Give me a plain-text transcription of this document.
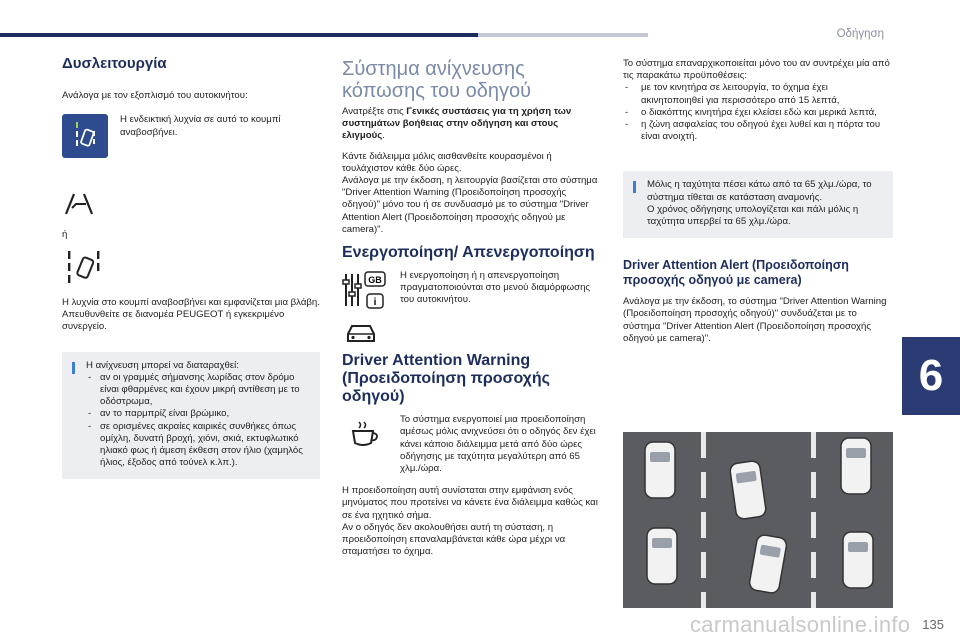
Οδήγηση
6
135
carmanualsonline.info
Δυσλειτουργία

Ανάλογα με τον εξοπλισμό του αυτοκινήτου:

Η ενδεικτική λυχνία σε αυτό το κουμπί αναβοσβήνει.

ή

Η λυχνία στο κουμπί αναβοσβήνει και εμφανίζεται μια βλάβη.

Απευθυνθείτε σε διανομέα PEUGEOT ή εγκεκριμένο συνεργείο.

Η ανίχνευση μπορεί να διαταραχθεί:
- αν οι γραμμές σήμανσης λωρίδας στον δρόμο είναι φθαρμένες και έχουν μικρή αντίθεση με το οδόστρωμα,
- αν το παρμπρίζ είναι βρώμικο,
- σε ορισμένες ακραίες καιρικές συνθήκες όπως ομίχλη, δυνατή βροχή, χιόνι, σκιά, εκτυφλωτικό ηλιακό φως ή άμεση έκθεση στον ήλιο (χαμηλός ήλιος, έξοδος από τούνελ κ.λπ.).
Σύστημα ανίχνευσης κόπωσης του οδηγού

Ανατρέξτε στις Γενικές συστάσεις για τη χρήση των συστημάτων βοήθειας στην οδήγηση και στους ελιγμούς.

Κάντε διάλειμμα μόλις αισθανθείτε κουρασμένοι ή τουλάχιστον κάθε δύο ώρες.

Ανάλογα με την έκδοση, η λειτουργία βασίζεται στο σύστημα "Driver Attention Warning (Προειδοποίηση προσοχής οδηγού)" μόνο του ή σε συνδυασμό με το σύστημα "Driver Attention Alert (Προειδοποίηση προσοχής οδηγού με camera)".

Ενεργοποίηση/ Απενεργοποίηση
GB
i
Η ενεργοποίηση ή η απενεργοποίηση πραγματοποιούνται στο μενού διαμόρφωσης του αυτοκινήτου.
Driver Attention Warning (Προειδοποίηση προσοχής οδηγού)
Το σύστημα ενεργοποιεί μια προειδοποίηση αμέσως μόλις ανιχνεύσει ότι ο οδηγός δεν έχει κάνει κάποιο διάλειμμα μετά από δύο ώρες οδήγησης με ταχύτητα μεγαλύτερη από 65 χλμ./ώρα.

Η προειδοποίηση αυτή συνίσταται στην εμφάνιση ενός μηνύματος που προτείνει να κάνετε ένα διάλειμμα καθώς και σε ένα ηχητικό σήμα.

Αν ο οδηγός δεν ακολουθήσει αυτή τη σύσταση, η προειδοποίηση επαναλαμβάνεται κάθε ώρα μέχρι να σταματήσει το όχημα.

Το σύστημα επαναρχικοποιείται μόνο του αν συντρέχει μία από τις παρακάτω προϋποθέσεις:

- με τον κινητήρα σε λειτουργία, το όχημα έχει ακινητοποιηθεί για περισσότερο από 15 λεπτά,
- ο διακόπτης κινητήρα έχει κλείσει εδώ και μερικά λεπτά,
- η ζώνη ασφαλείας του οδηγού έχει λυθεί και η πόρτα του είναι ανοιχτή.
Μόλις η ταχύτητα πέσει κάτω από τα 65 χλμ./ώρα, το σύστημα τίθεται σε κατάσταση αναμονής.
Ο χρόνος οδήγησης υπολογίζεται και πάλι μόλις η ταχύτητα υπερβεί τα 65 χλμ./ώρα.
Driver Attention Alert (Προειδοποίηση προσοχής οδηγού με camera)

Ανάλογα με την έκδοση, το σύστημα "Driver Attention Warning (Προειδοποίηση προσοχής οδηγού)" συνδυάζεται με το σύστημα "Driver Attention Alert (Προειδοποίηση προσοχής οδηγού με camera)".
